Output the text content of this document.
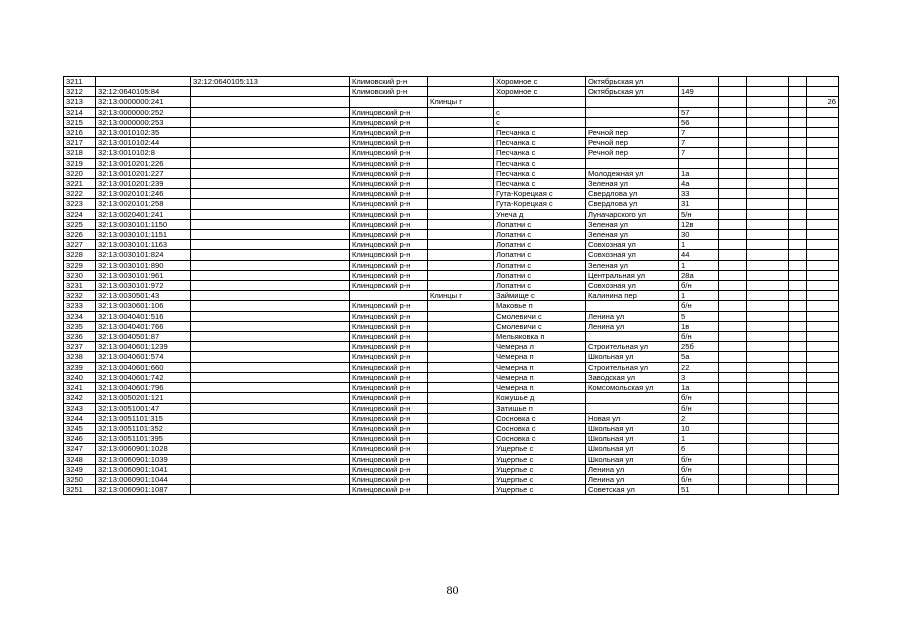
3211		32:12:0640105:113	Климовский р-н		Хоромное с	Октябрьская ул					
3212	32:12:0640105:84		Климовский р-н		Хоромное с	Октябрьская ул	149				
3213	32:13:0000000:241			Клинцы г							26
3214	32:13:0000000:252		Клинцовский р-н		с		57				
3215	32:13:0000000:253		Клинцовский р-н		с		56				
3216	32:13:0010102:35		Клинцовский р-н		Песчанка с	Речной пер	7				
3217	32:13:0010102:44		Клинцовский р-н		Песчанка с	Речной пер	7				
3218	32:13:0010102:8		Клинцовский р-н		Песчанка с	Речной пер	7				
3219	32:13:0010201:226		Клинцовский р-н		Песчанка с						
3220	32:13:0010201:227		Клинцовский р-н		Песчанка с	Молодежная ул	1а				
3221	32:13:0010201:239		Клинцовский р-н		Песчанка с	Зеленая ул	4а				
3222	32:13:0020101:246		Клинцовский р-н		Гута-Корецкая с	Свердлова ул	33				
3223	32:13:0020101:258		Клинцовский р-н		Гута-Корецкая с	Свердлова ул	31				
3224	32:13:0020401:241		Клинцовский р-н		Унеча д	Луначарского ул	5/н				
3225	32:13:0030101:1150		Клинцовский р-н		Лопатни с	Зеленая ул	12в				
3226	32:13:0030101:1151		Клинцовский р-н		Лопатни с	Зеленая ул	30				
3227	32:13:0030101:1163		Клинцовский р-н		Лопатни с	Совхозная ул	1				
3228	32:13:0030101:824		Клинцовский р-н		Лопатни с	Совхозная ул	44				
3229	32:13:0030101:890		Клинцовский р-н		Лопатни с	Зеленая ул	1				
3230	32:13:0030101:961		Клинцовский р-н		Лопатни с	Центральная ул	28а				
3231	32:13:0030101:972		Клинцовский р-н		Лопатни с	Совхозная ул	б/н				
3232	32:13:0030501:43			Клинцы г	Займище с	Калинина пер	1				
3233	32:13:0030601:106		Клинцовский р-н		Маковье п		б/н				
3234	32:13:0040401:516		Клинцовский р-н		Смолевичи с	Ленина ул	5				
3235	32:13:0040401:766		Клинцовский р-н		Смолевичи с	Ленина ул	1в				
3236	32:13:0040501:87		Клинцовский р-н		Мельяковка п		б/н				
3237	32:13:0040601:1239		Клинцовский р-н		Чемерна л	Строительная ул	25б				
3238	32:13:0040601:574		Клинцовский р-н		Чемерна п	Школьная ул	5а				
3239	32:13:0040601:660		Клинцовский р-н		Чемерна п	Строительная ул	22				
3240	32:13:0040601:742		Клинцовский р-н		Чемерна п	Заводская ул	3				
3241	32:13:0040601:796		Клинцовский р-н		Чемерна п	Комсомольская ул	1а				
3242	32:13:0050201:121		Клинцовский р-н		Кожушье д		б/н				
3243	32:13:0051001:47		Клинцовский р-н		Затишье п		б/н				
3244	32:13:0051101:315		Клинцовский р-н		Сосновка с	Новая ул	2				
3245	32:13:0051101:352		Клинцовский р-н		Сосновка с	Школьная ул	10				
3246	32:13:0051101:395		Клинцовский р-н		Сосновка с	Школьная ул	1				
3247	32:13:0060901:1028		Клинцовский р-н		Ущерпье с	Школьная ул	6				
3248	32:13:0060901:1039		Клинцовский р-н		Ущерпье с	Школьная ул	б/н				
3249	32:13:0060901:1041		Клинцовский р-н		Ущерпье с	Ленина ул	б/н				
3250	32:13:0060901:1044		Клинцовский р-н		Ущерпье с	Ленина ул	б/н				
3251	32:13:0060901:1087		Клинцовский р-н		Ущерпье с	Советская ул	51				
80
